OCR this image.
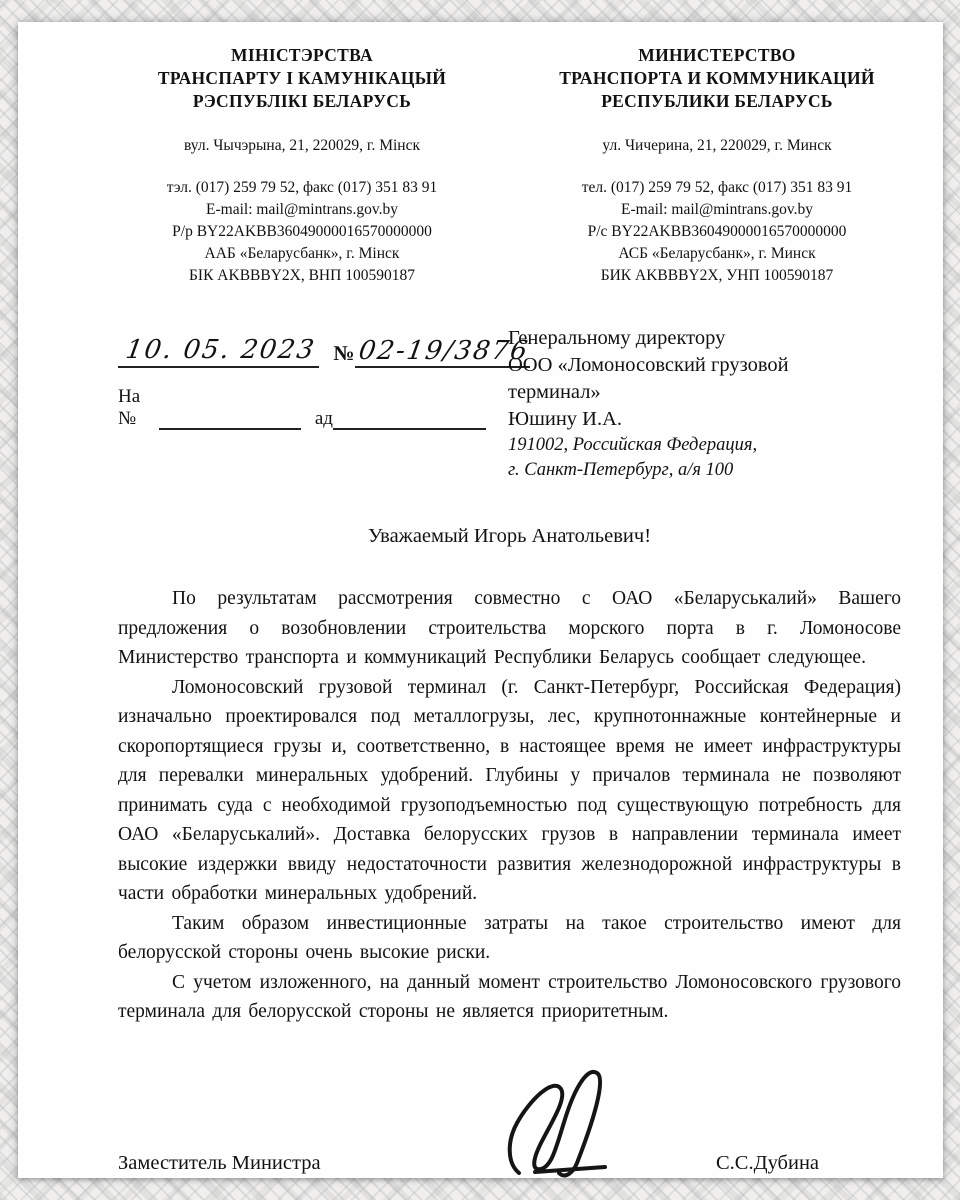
МІНІСТЭРСТВА
ТРАНСПАРТУ І КАМУНІКАЦЫЙ
РЭСПУБЛІКІ БЕЛАРУСЬ
вул. Чычэрына, 21, 220029, г. Мінск
тэл. (017) 259 79 52, факс (017) 351 83 91
E-mail: mail@mintrans.gov.by
Р/р BY22AKBB36049000016570000000
ААБ «Беларусбанк», г. Мінск
БІК AKBBBY2X, ВНП 100590187
МИНИСТЕРСТВО
ТРАНСПОРТА И КОММУНИКАЦИЙ
РЕСПУБЛИКИ БЕЛАРУСЬ
ул. Чичерина, 21, 220029, г. Минск
тел. (017) 259 79 52, факс (017) 351 83 91
E-mail: mail@mintrans.gov.by
Р/с BY22AKBB36049000016570000000
АСБ «Беларусбанк», г. Минск
БИК AKBBBY2X, УНП 100590187
10. 05. 2023 № 02-19/3876
На №	ад
Генеральному директору
ООО «Ломоносовский грузовой терминал»
Юшину И.А.
191002, Российская Федерация,
г. Санкт-Петербург, а/я 100
Уважаемый Игорь Анатольевич!

По результатам рассмотрения совместно с ОАО «Беларуськалий» Вашего предложения о возобновлении строительства морского порта в г. Ломоносове Министерство транспорта и коммуникаций Республики Беларусь сообщает следующее.

Ломоносовский грузовой терминал (г. Санкт-Петербург, Российская Федерация) изначально проектировался под металлогрузы, лес, крупнотоннажные контейнерные и скоропортящиеся грузы и, соответственно, в настоящее время не имеет инфраструктуры для перевалки минеральных удобрений. Глубины у причалов терминала не позволяют принимать суда с необходимой грузоподъемностью под существующую потребность для ОАО «Беларуськалий». Доставка белорусских грузов в направлении терминала имеет высокие издержки ввиду недостаточности развития железнодорожной инфраструктуры в части обработки минеральных удобрений.

Таким образом инвестиционные затраты на такое строительство имеют для белорусской стороны очень высокие риски.

С учетом изложенного, на данный момент строительство Ломоносовского грузового терминала для белорусской стороны не является приоритетным.

Заместитель Министра	С.С.Дубина
